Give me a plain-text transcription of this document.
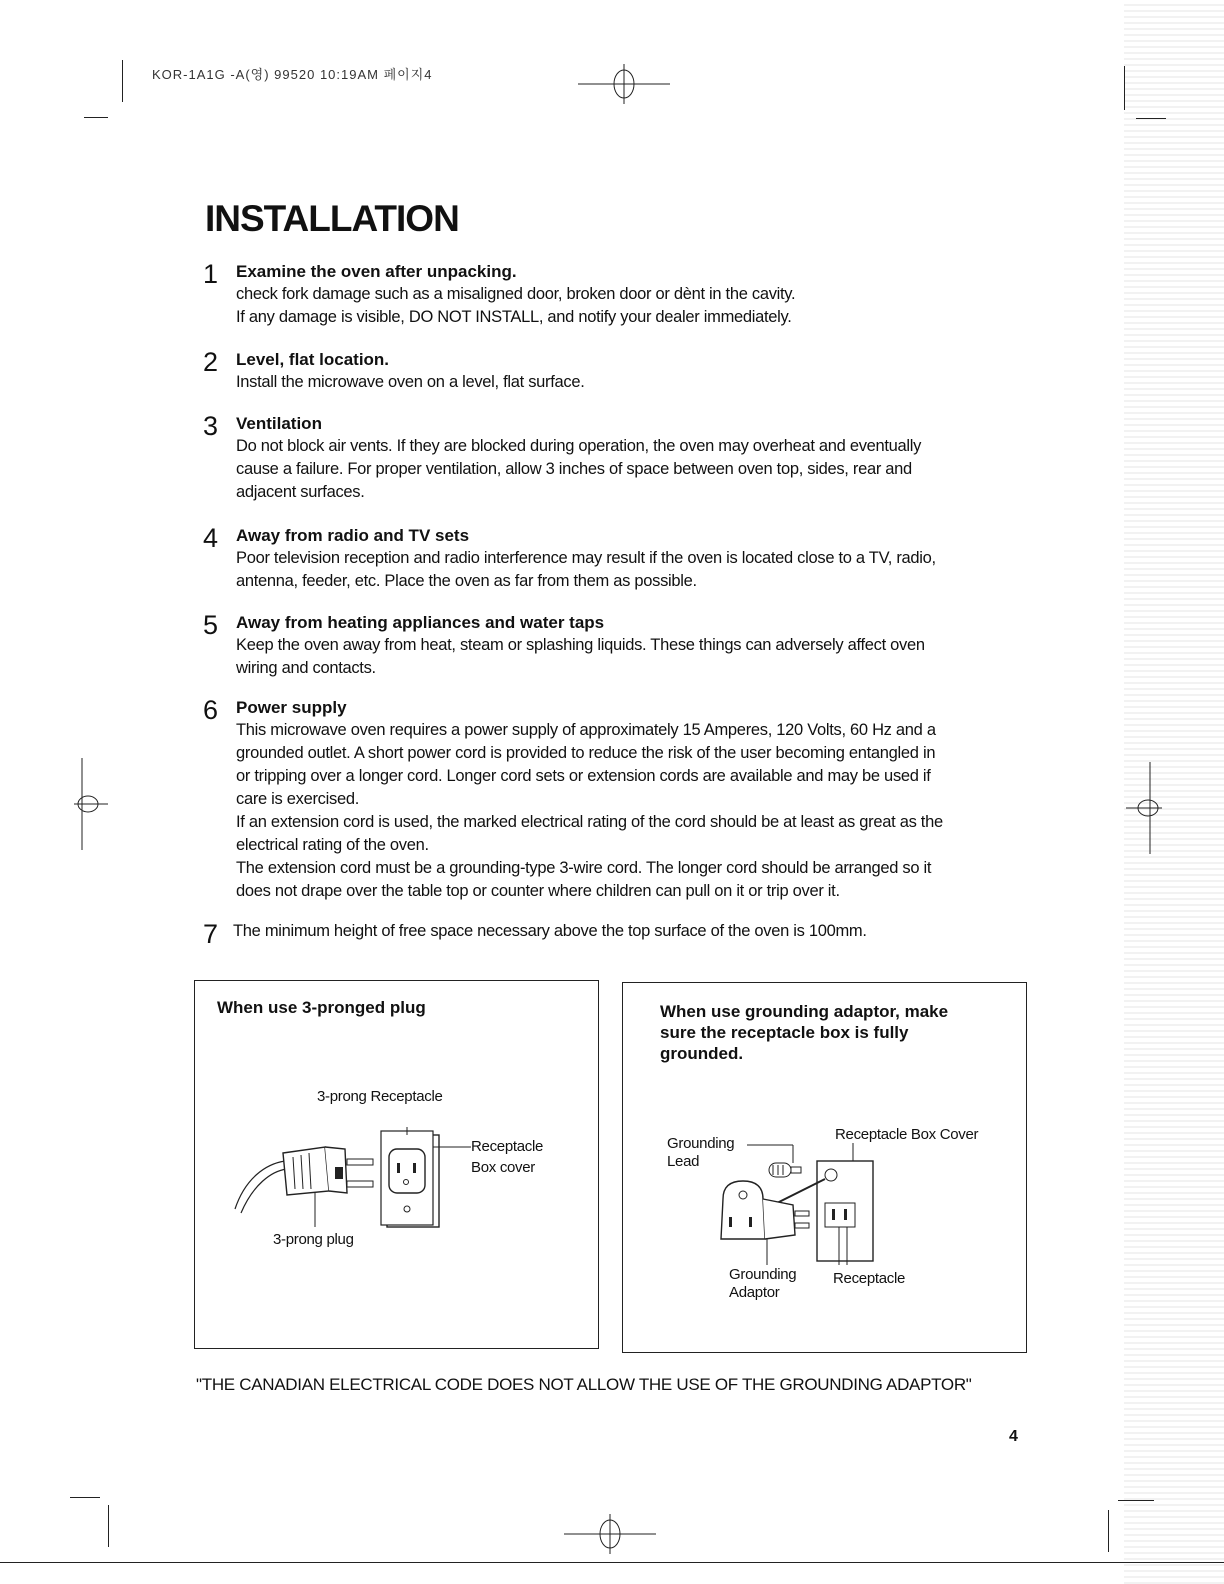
KOR-1A1G -A(영) 99520 10:19AM 페이지4
INSTALLATION
1	Examine the oven after unpacking.

check fork damage such as a misaligned door, broken door or dènt in the cavity.

If any damage is visible, DO NOT INSTALL, and notify your dealer immediately.

2	Level, flat location.

Install the microwave oven on a level, flat surface.

3	Ventilation

Do not block air vents. If they are blocked during operation, the oven may overheat and eventually

cause a failure. For proper ventilation, allow 3 inches of space between oven top, sides, rear and

adjacent surfaces.

4	Away from radio and TV sets

Poor television reception and radio interference may result if the oven is located close to a TV, radio,

antenna, feeder, etc. Place the oven as far from them as possible.

5	Away from heating appliances and water taps

Keep the oven away from heat, steam or splashing liquids. These things can adversely affect oven

wiring and contacts.

6	Power supply

This microwave oven requires a power supply of approximately 15 Amperes, 120 Volts, 60 Hz and a

grounded outlet. A short power cord is provided to reduce the risk of the user becoming entangled in

or tripping over a longer cord. Longer cord sets or extension cords are available and may be used if

care is exercised.

If an extension cord is used, the marked electrical rating of the cord should be at least as great as the

electrical rating of the oven.

The extension cord must be a grounding-type 3-wire cord. The longer cord should be arranged so it

does not drape over the table top or counter where children can pull on it or trip over it.

7 The minimum height of free space necessary above the top surface of the oven is 100mm.

When use 3-pronged plug
3-prong Receptacle
Receptacle
Box cover
3-prong plug
When use grounding adaptor, make
sure the receptacle box is fully
grounded.
Receptacle Box Cover
Grounding
Lead
Grounding
Adaptor
Receptacle
"THE CANADIAN ELECTRICAL CODE DOES NOT ALLOW THE USE OF THE GROUNDING ADAPTOR"
4
